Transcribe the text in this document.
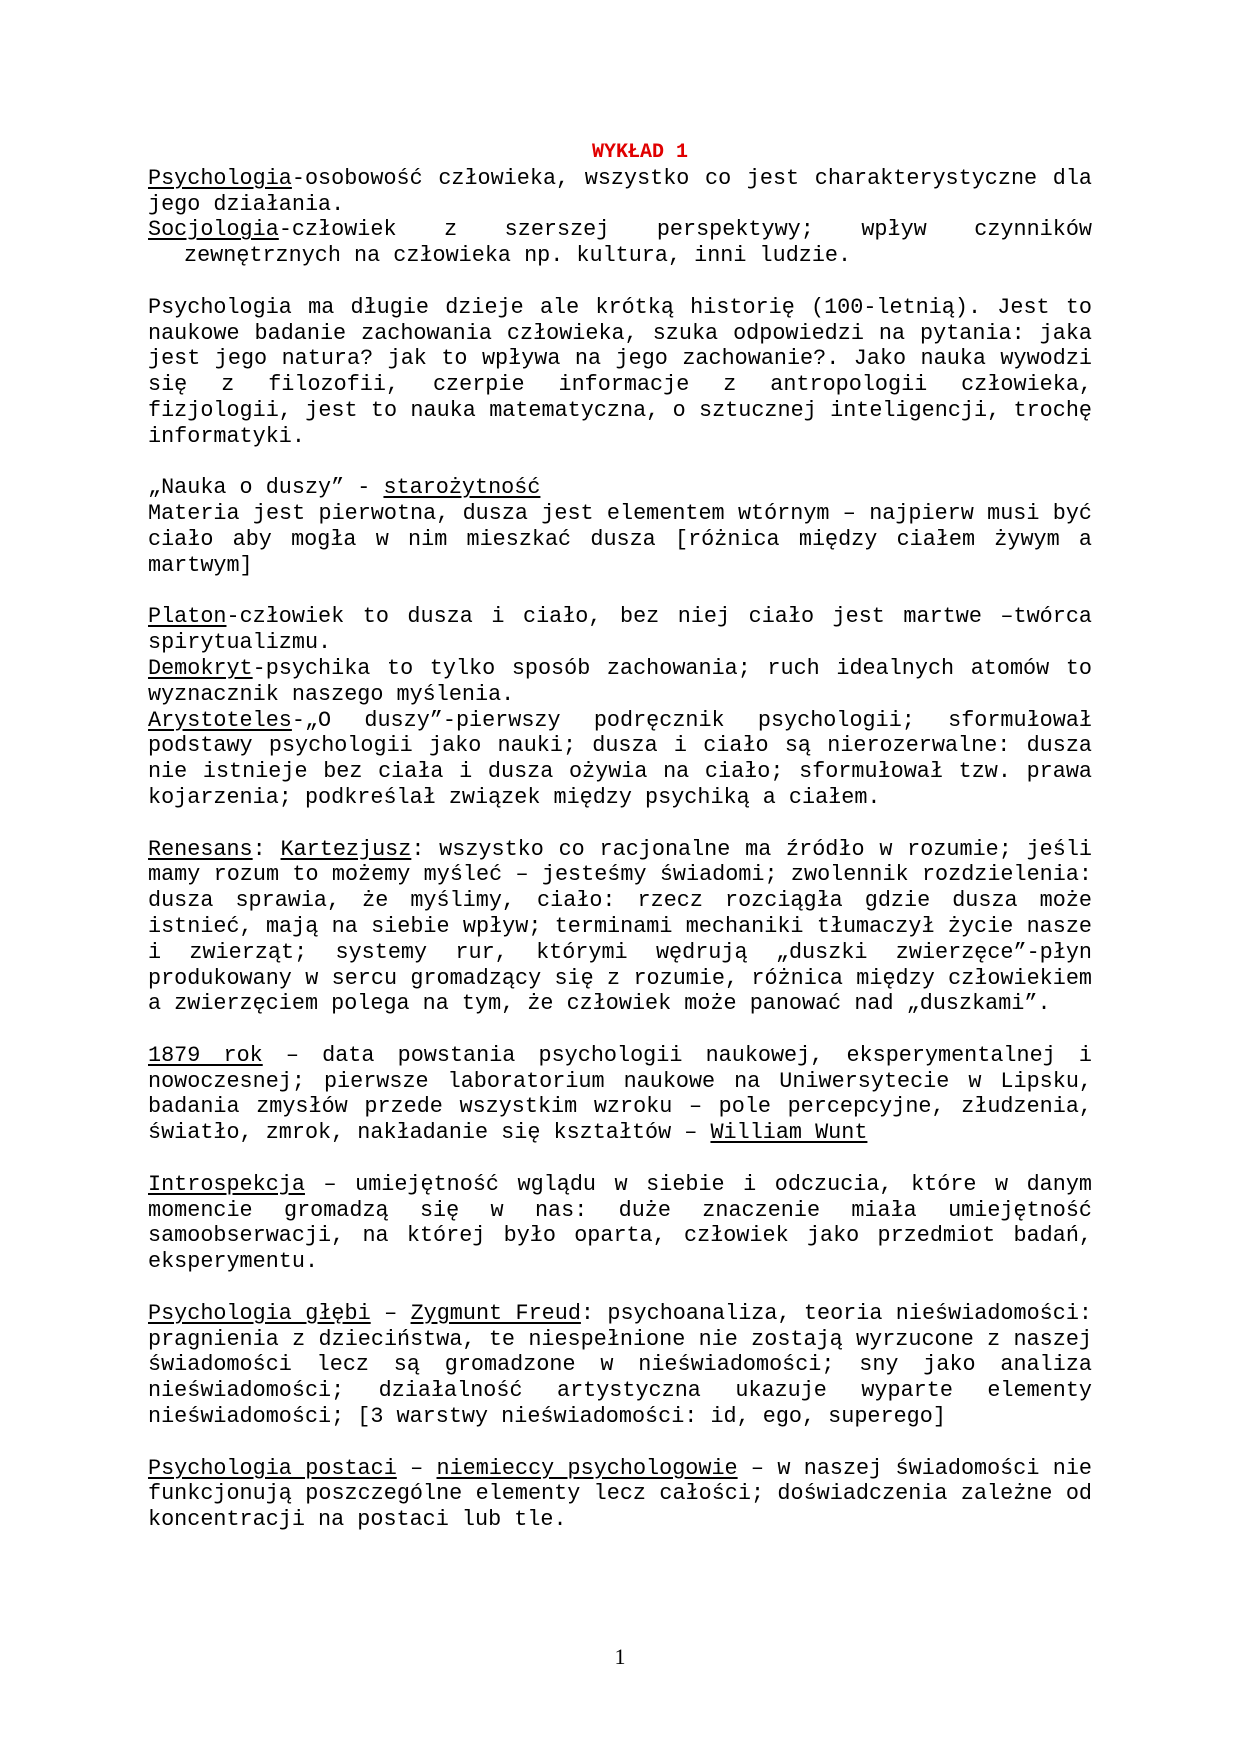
WYKŁAD 1
Psychologia-osobowość człowieka, wszystko co jest charakterystyczne dla jego działania.
Socjologia-człowiek z szerszej perspektywy; wpływ czynników
zewnętrznych na człowieka np. kultura, inni ludzie.
Psychologia ma długie dzieje ale krótką historię (100-letnią). Jest to naukowe badanie zachowania człowieka, szuka odpowiedzi na pytania: jaka jest jego natura? jak to wpływa na jego zachowanie?. Jako nauka wywodzi się z filozofii, czerpie informacje z antropologii człowieka, fizjologii, jest to nauka matematyczna, o sztucznej inteligencji, trochę informatyki.
„Nauka o duszy” - starożytność
Materia jest pierwotna, dusza jest elementem wtórnym – najpierw musi być ciało aby mogła w nim mieszkać dusza [różnica między ciałem żywym a martwym]
Platon-człowiek to dusza i ciało, bez niej ciało jest martwe –twórca spirytualizmu.
Demokryt-psychika to tylko sposób zachowania; ruch idealnych atomów to wyznacznik naszego myślenia.
Arystoteles-„O duszy”-pierwszy podręcznik psychologii; sformułował podstawy psychologii jako nauki; dusza i ciało są nierozerwalne: dusza nie istnieje bez ciała i dusza ożywia na ciało; sformułował tzw. prawa kojarzenia; podkreślał związek między psychiką a ciałem.
Renesans: Kartezjusz: wszystko co racjonalne ma źródło w rozumie; jeśli mamy rozum to możemy myśleć – jesteśmy świadomi; zwolennik rozdzielenia: dusza sprawia, że myślimy, ciało: rzecz rozciągła gdzie dusza może istnieć, mają na siebie wpływ; terminami mechaniki tłumaczył życie nasze i zwierząt; systemy rur, którymi wędrują „duszki zwierzęce”-płyn produkowany w sercu gromadzący się z rozumie, różnica między człowiekiem a zwierzęciem polega na tym, że człowiek może panować nad „duszkami”.
1879 rok – data powstania psychologii naukowej, eksperymentalnej i nowoczesnej; pierwsze laboratorium naukowe na Uniwersytecie w Lipsku, badania zmysłów przede wszystkim wzroku – pole percepcyjne, złudzenia, światło, zmrok, nakładanie się kształtów – William Wunt
Introspekcja – umiejętność wglądu w siebie i odczucia, które w danym momencie gromadzą się w nas: duże znaczenie miała umiejętność samoobserwacji, na której było oparta, człowiek jako przedmiot badań, eksperymentu.
Psychologia głębi – Zygmunt Freud: psychoanaliza, teoria nieświadomości: pragnienia z dzieciństwa, te niespełnione nie zostają wyrzucone z naszej świadomości lecz są gromadzone w nieświadomości; sny jako analiza nieświadomości; działalność artystyczna ukazuje wyparte elementy nieświadomości; [3 warstwy nieświadomości: id, ego, superego]
Psychologia postaci – niemieccy psychologowie – w naszej świadomości nie funkcjonują poszczególne elementy lecz całości; doświadczenia zależne od koncentracji na postaci lub tle.
1
